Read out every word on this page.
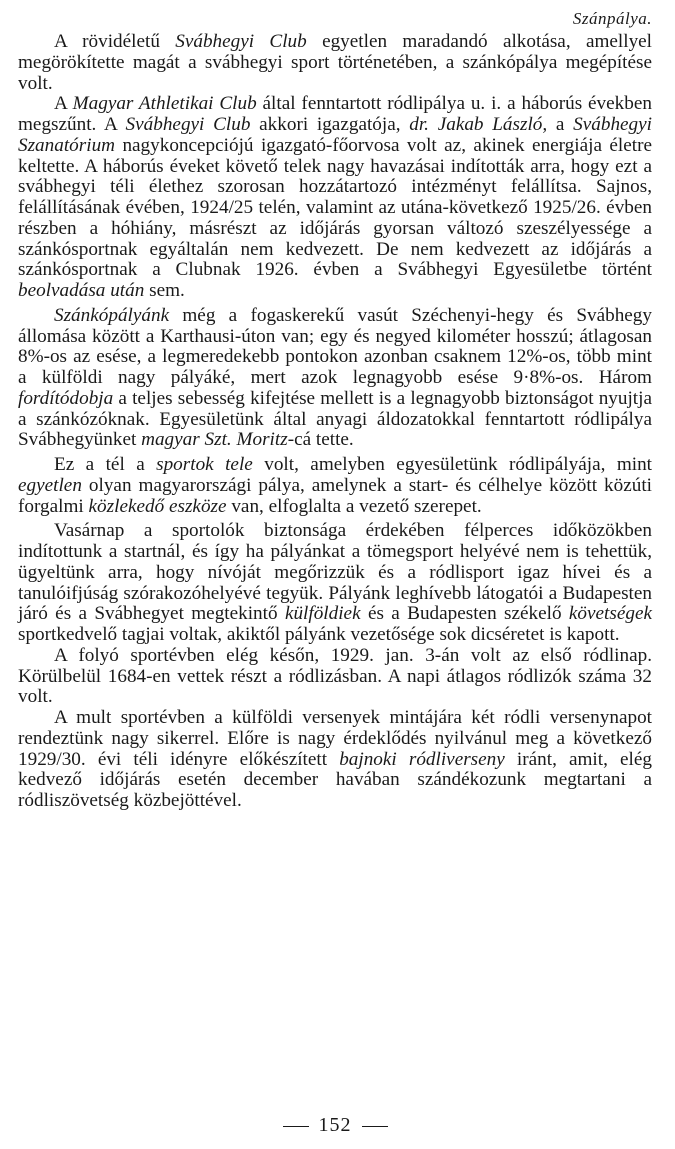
Szánpálya.

A rövidéletű Svábhegyi Club egyetlen maradandó alkotása, amellyel megörökítette magát a svábhegyi sport történetében, a szánkópálya megépítése volt.

A Magyar Athletikai Club által fenntartott ródlipálya u. i. a háborús években megszűnt. A Svábhegyi Club akkori igazgatója, dr. Jakab László, a Svábhegyi Szanatórium nagykoncepciójú igazgató-főorvosa volt az, akinek energiája életre keltette. A háborús éveket követő telek nagy havazásai indították arra, hogy ezt a svábhegyi téli élethez szorosan hozzátartozó intézményt felállítsa. Sajnos, felállításának évében, 1924/25 telén, valamint az utána-következő 1925/26. évben részben a hóhiány, másrészt az időjárás gyorsan változó szeszélyessége a szánkósportnak egyáltalán nem kedvezett. De nem kedvezett az időjárás a szánkósportnak a Clubnak 1926. évben a Svábhegyi Egyesületbe történt beolvadása után sem.

Szánkópályánk még a fogaskerekű vasút Széchenyi-hegy és Svábhegy állomása között a Karthausi-úton van; egy és negyed kilométer hosszú; átlagosan 8%-os az esése, a legmeredekebb pontokon azonban csaknem 12%-os, több mint a külföldi nagy pályáké, mert azok legnagyobb esése 9·8%-os. Három fordítódobja a teljes sebesség kifejtése mellett is a legnagyobb biztonságot nyujtja a szánkózóknak. Egyesületünk által anyagi áldozatokkal fenntartott ródlipálya Svábhegyünket magyar Szt. Moritz-cá tette.

Ez a tél a sportok tele volt, amelyben egyesületünk ródlipályája, mint egyetlen olyan magyarországi pálya, amelynek a start- és célhelye között közúti forgalmi közlekedő eszköze van, elfoglalta a vezető szerepet.

Vasárnap a sportolók biztonsága érdekében félperces időközökben indítottunk a startnál, és így ha pályánkat a tömegsport helyévé nem is tehettük, ügyeltünk arra, hogy nívóját megőrizzük és a ródlisport igaz hívei és a tanulóifjúság szórakozóhelyévé tegyük. Pályánk leghívebb látogatói a Budapesten járó és a Svábhegyet megtekintő külföldiek és a Budapesten székelő követségek sportkedvelő tagjai voltak, akiktől pályánk vezetősége sok dicséretet is kapott.

A folyó sportévben elég későn, 1929. jan. 3-án volt az első ródlinap. Körülbelül 1684-en vettek részt a ródlizásban. A napi átlagos ródlizók száma 32 volt.

A mult sportévben a külföldi versenyek mintájára két ródli versenynapot rendeztünk nagy sikerrel. Előre is nagy érdeklődés nyilvánul meg a következő 1929/30. évi téli idényre előkészített bajnoki ródliverseny iránt, amit, elég kedvező időjárás esetén december havában szándékozunk megtartani a ródliszövetség közbejöttével.

152
